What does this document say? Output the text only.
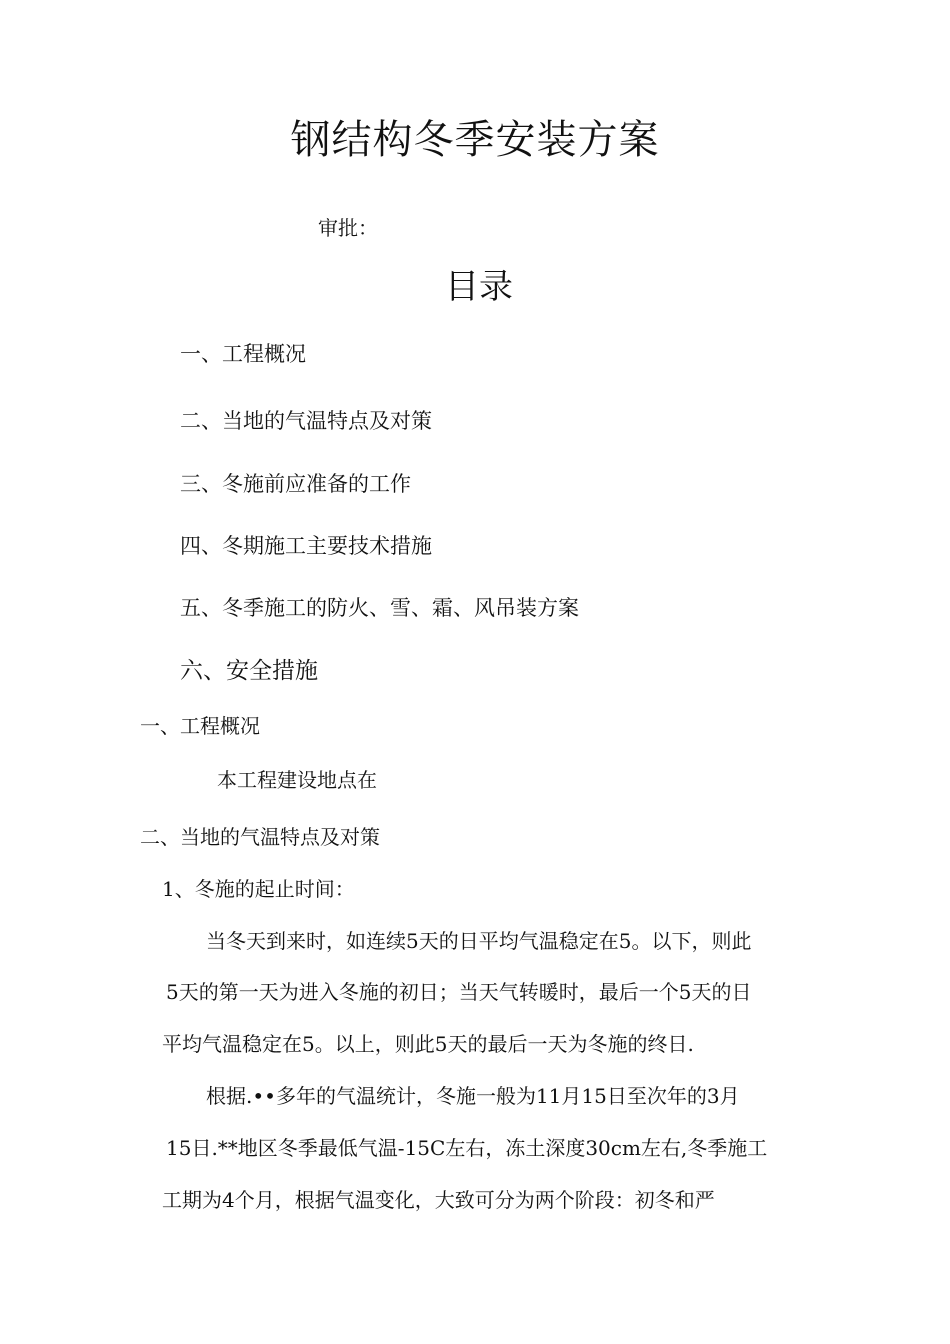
钢结构冬季安装方案
审批：
目录
一、工程概况
二、当地的气温特点及对策
三、冬施前应准备的工作
四、冬期施工主要技术措施
五、冬季施工的防火、雪、霜、风吊装方案
六、安全措施
一、工程概况
本工程建设地点在
二、当地的气温特点及对策
1、冬施的起止时间：
当冬天到来时，如连续5天的日平均气温稳定在5。以下，则此
5天的第一天为进入冬施的初日；当天气转暖时，最后一个5天的日
平均气温稳定在5。以上，则此5天的最后一天为冬施的终日.
根据.••多年的气温统计，冬施一般为11月15日至次年的3月
15日.**地区冬季最低气温-15C左右，冻土深度30cm左右,冬季施工
工期为4个月，根据气温变化，大致可分为两个阶段：初冬和严
